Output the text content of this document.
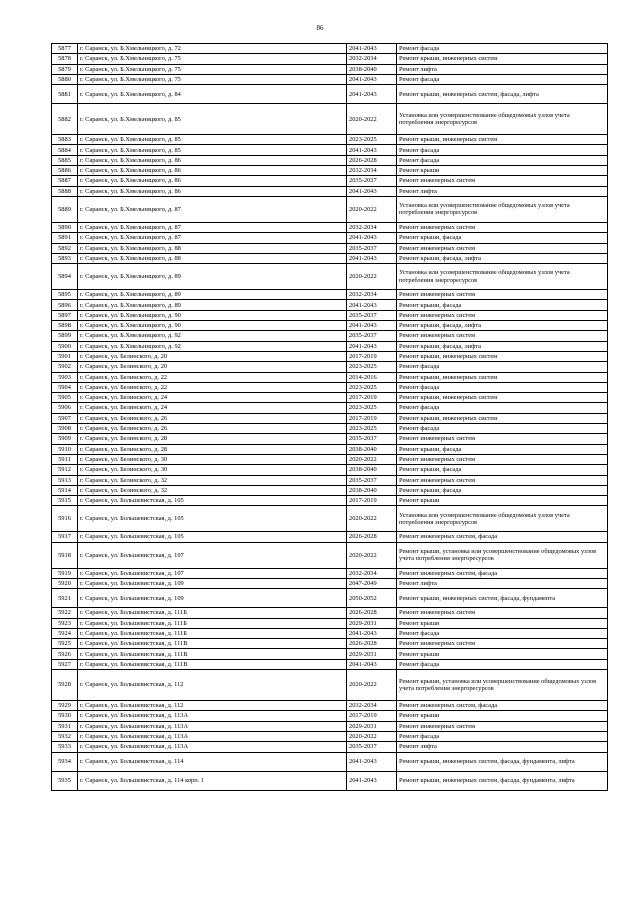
86
5877	г. Саранск, ул. Б.Хмельницкого, д. 72	2041-2043	Ремонт фасада
5878	г. Саранск, ул. Б.Хмельницкого, д. 75	2032-2034	Ремонт крыши, инженерных систем
5879	г. Саранск, ул. Б.Хмельницкого, д. 75	2038-2040	Ремонт лифта
5880	г. Саранск, ул. Б.Хмельницкого, д. 75	2041-2043	Ремонт фасада
5881	г. Саранск, ул. Б.Хмельницкого, д. 84	2041-2043	Ремонт крыши, инженерных систем, фасада, лифта
5882	г. Саранск, ул. Б.Хмельницкого, д. 85	2020-2022	Установка или усовершенствование общедомовых узлов учета потребления энергоресурсов
5883	г. Саранск, ул. Б.Хмельницкого, д. 85	2023-2025	Ремонт крыши, инженерных систем
5884	г. Саранск, ул. Б.Хмельницкого, д. 85	2041-2043	Ремонт фасада
5885	г. Саранск, ул. Б.Хмельницкого, д. 86	2026-2028	Ремонт фасада
5886	г. Саранск, ул. Б.Хмельницкого, д. 86	2032-2034	Ремонт крыши
5887	г. Саранск, ул. Б.Хмельницкого, д. 86	2035-2037	Ремонт инженерных систем
5888	г. Саранск, ул. Б.Хмельницкого, д. 86	2041-2043	Ремонт лифта
5889	г. Саранск, ул. Б.Хмельницкого, д. 87	2020-2022	Установка или усовершенствование общедомовых узлов учета потребления энергоресурсов
5890	г. Саранск, ул. Б.Хмельницкого, д. 87	2032-2034	Ремонт инженерных систем
5891	г. Саранск, ул. Б.Хмельницкого, д. 87	2041-2043	Ремонт крыши, фасада
5892	г. Саранск, ул. Б.Хмельницкого, д. 88	2035-2037	Ремонт инженерных систем
5893	г. Саранск, ул. Б.Хмельницкого, д. 88	2041-2043	Ремонт крыши, фасада, лифта
5894	г. Саранск, ул. Б.Хмельницкого, д. 89	2020-2022	Установка или усовершенствование общедомовых узлов учета потребления энергоресурсов
5895	г. Саранск, ул. Б.Хмельницкого, д. 89	2032-2034	Ремонт инженерных систем
5896	г. Саранск, ул. Б.Хмельницкого, д. 89	2041-2043	Ремонт крыши, фасада
5897	г. Саранск, ул. Б.Хмельницкого, д. 90	2035-2037	Ремонт инженерных систем
5898	г. Саранск, ул. Б.Хмельницкого, д. 90	2041-2043	Ремонт крыши, фасада, лифта
5899	г. Саранск, ул. Б.Хмельницкого, д. 92	2035-2037	Ремонт инженерных систем
5900	г. Саранск, ул. Б.Хмельницкого, д. 92	2041-2043	Ремонт крыши, фасада, лифта
5901	г. Саранск, ул. Белинского, д. 20	2017-2019	Ремонт крыши, инженерных систем
5902	г. Саранск, ул. Белинского, д. 20	2023-2025	Ремонт фасада
5903	г. Саранск, ул. Белинского, д. 22	2014-2016	Ремонт крыши, инженерных систем
5904	г. Саранск, ул. Белинского, д. 22	2023-2025	Ремонт фасада
5905	г. Саранск, ул. Белинского, д. 24	2017-2019	Ремонт крыши, инженерных систем
5906	г. Саранск, ул. Белинского, д. 24	2023-2025	Ремонт фасада
5907	г. Саранск, ул. Белинского, д. 26	2017-2019	Ремонт крыши, инженерных систем
5908	г. Саранск, ул. Белинского, д. 26	2023-2025	Ремонт фасада
5909	г. Саранск, ул. Белинского, д. 28	2035-2037	Ремонт инженерных систем
5910	г. Саранск, ул. Белинского, д. 28	2038-2040	Ремонт крыши, фасада
5911	г. Саранск, ул. Белинского, д. 30	2020-2022	Ремонт инженерных систем
5912	г. Саранск, ул. Белинского, д. 30	2038-2040	Ремонт крыши, фасада
5913	г. Саранск, ул. Белинского, д. 32	2035-2037	Ремонт инженерных систем
5914	г. Саранск, ул. Белинского, д. 32	2038-2040	Ремонт крыши, фасада
5915	г. Саранск, ул. Большевистская, д. 105	2017-2019	Ремонт крыши
5916	г. Саранск, ул. Большевистская, д. 105	2020-2022	Установка или усовершенствование общедомовых узлов учета потребления энергоресурсов
5917	г. Саранск, ул. Большевистская, д. 105	2026-2028	Ремонт инженерных систем, фасада
5918	г. Саранск, ул. Большевистская, д. 107	2020-2022	Ремонт крыши, установка или усовершенствование общедомовых узлов учета потребления энергоресурсов
5919	г. Саранск, ул. Большевистская, д. 107	2032-2034	Ремонт инженерных систем, фасада
5920	г. Саранск, ул. Большевистская, д. 109	2047-2049	Ремонт лифта
5921	г. Саранск, ул. Большевистская, д. 109	2050-2052	Ремонт крыши, инженерных систем, фасада, фундамента
5922	г. Саранск, ул. Большевистская, д. 111Б	2026-2028	Ремонт инженерных систем
5923	г. Саранск, ул. Большевистская, д. 111Б	2029-2031	Ремонт крыши
5924	г. Саранск, ул. Большевистская, д. 111Б	2041-2043	Ремонт фасада
5925	г. Саранск, ул. Большевистская, д. 111В	2026-2028	Ремонт инженерных систем
5926	г. Саранск, ул. Большевистская, д. 111В	2029-2031	Ремонт крыши
5927	г. Саранск, ул. Большевистская, д. 111В	2041-2043	Ремонт фасада
5928	г. Саранск, ул. Большевистская, д. 112	2020-2022	Ремонт крыши, установка или усовершенствование общедомовых узлов учета потребления энергоресурсов
5929	г. Саранск, ул. Большевистская, д. 112	2032-2034	Ремонт инженерных систем, фасада
5930	г. Саранск, ул. Большевистская, д. 113А	2017-2019	Ремонт крыши
5931	г. Саранск, ул. Большевистская, д. 113А	2029-2031	Ремонт инженерных систем
5932	г. Саранск, ул. Большевистская, д. 113А	2020-2022	Ремонт фасада
5933	г. Саранск, ул. Большевистская, д. 113А	2035-2037	Ремонт лифта
5934	г. Саранск, ул. Большевистская, д. 114	2041-2043	Ремонт крыши, инженерных систем, фасада, фундамента, лифта
5935	г. Саранск, ул. Большевистская, д. 114 корп. 1	2041-2043	Ремонт крыши, инженерных систем, фасада, фундамента, лифта
